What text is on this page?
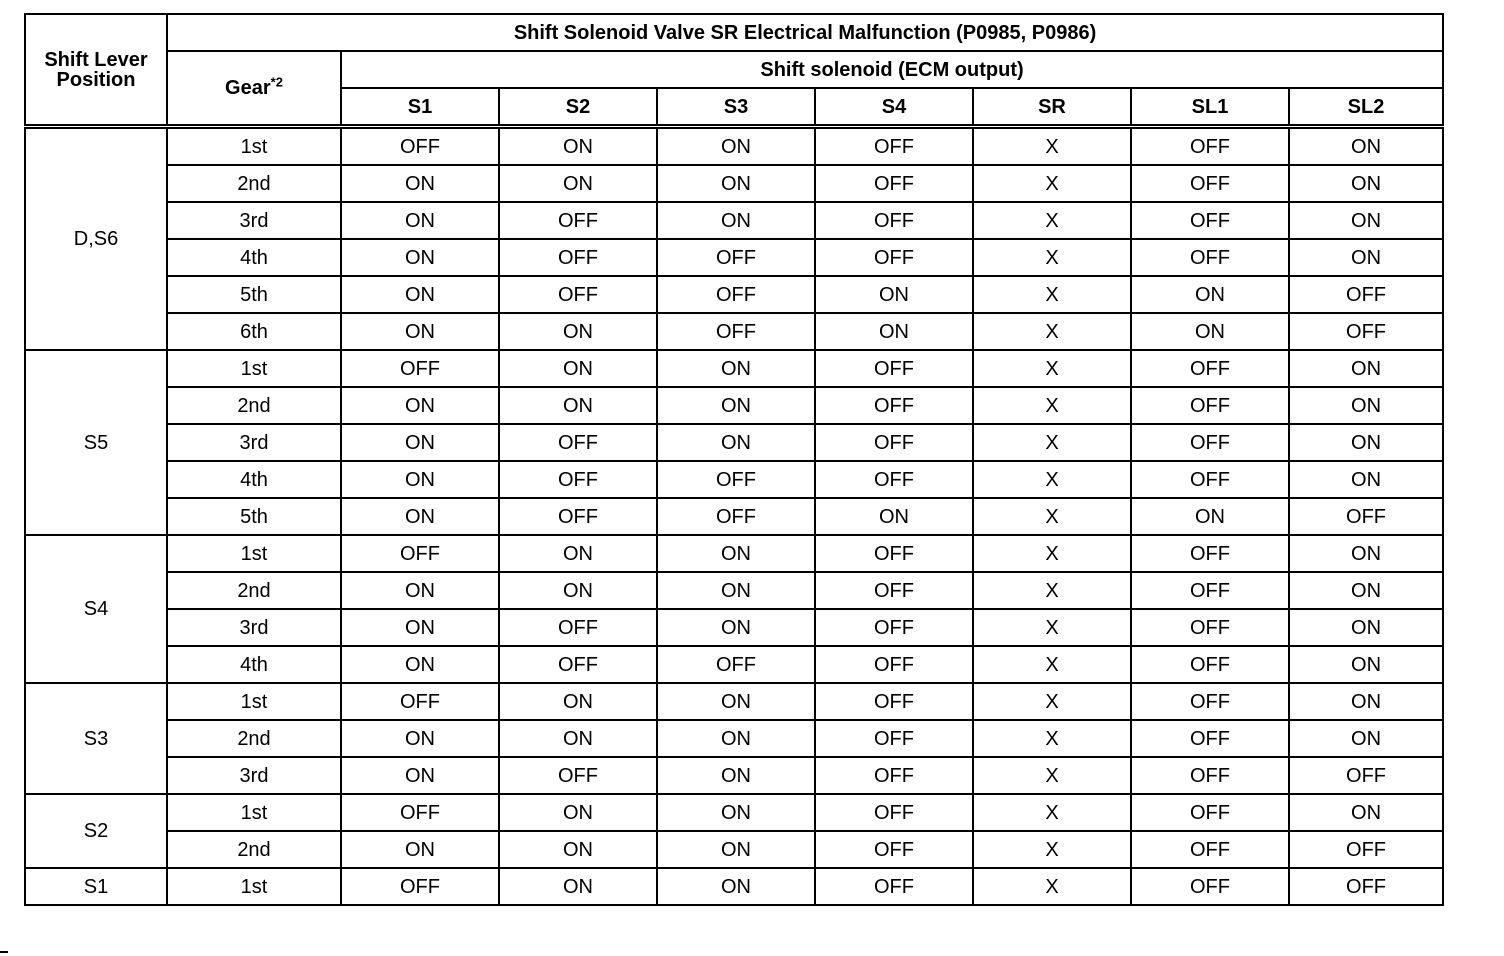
Shift Lever
Position	Shift Solenoid Valve SR Electrical Malfunction (P0985, P0986)							
	Gear$^{*2}$	Shift solenoid (ECM output)						
		S1	S2	S3	S4	SR	SL1	SL2
D,S6	1st	OFF	ON	ON	OFF	X	OFF	ON
	2nd	ON	ON	ON	OFF	X	OFF	ON
	3rd	ON	OFF	ON	OFF	X	OFF	ON
	4th	ON	OFF	OFF	OFF	X	OFF	ON
	5th	ON	OFF	OFF	ON	X	ON	OFF
	6th	ON	ON	OFF	ON	X	ON	OFF
S5	1st	OFF	ON	ON	OFF	X	OFF	ON
	2nd	ON	ON	ON	OFF	X	OFF	ON
	3rd	ON	OFF	ON	OFF	X	OFF	ON
	4th	ON	OFF	OFF	OFF	X	OFF	ON
	5th	ON	OFF	OFF	ON	X	ON	OFF
S4	1st	OFF	ON	ON	OFF	X	OFF	ON
	2nd	ON	ON	ON	OFF	X	OFF	ON
	3rd	ON	OFF	ON	OFF	X	OFF	ON
	4th	ON	OFF	OFF	OFF	X	OFF	ON
S3	1st	OFF	ON	ON	OFF	X	OFF	ON
	2nd	ON	ON	ON	OFF	X	OFF	ON
	3rd	ON	OFF	ON	OFF	X	OFF	OFF
S2	1st	OFF	ON	ON	OFF	X	OFF	ON
	2nd	ON	ON	ON	OFF	X	OFF	OFF
S1	1st	OFF	ON	ON	OFF	X	OFF	OFF
